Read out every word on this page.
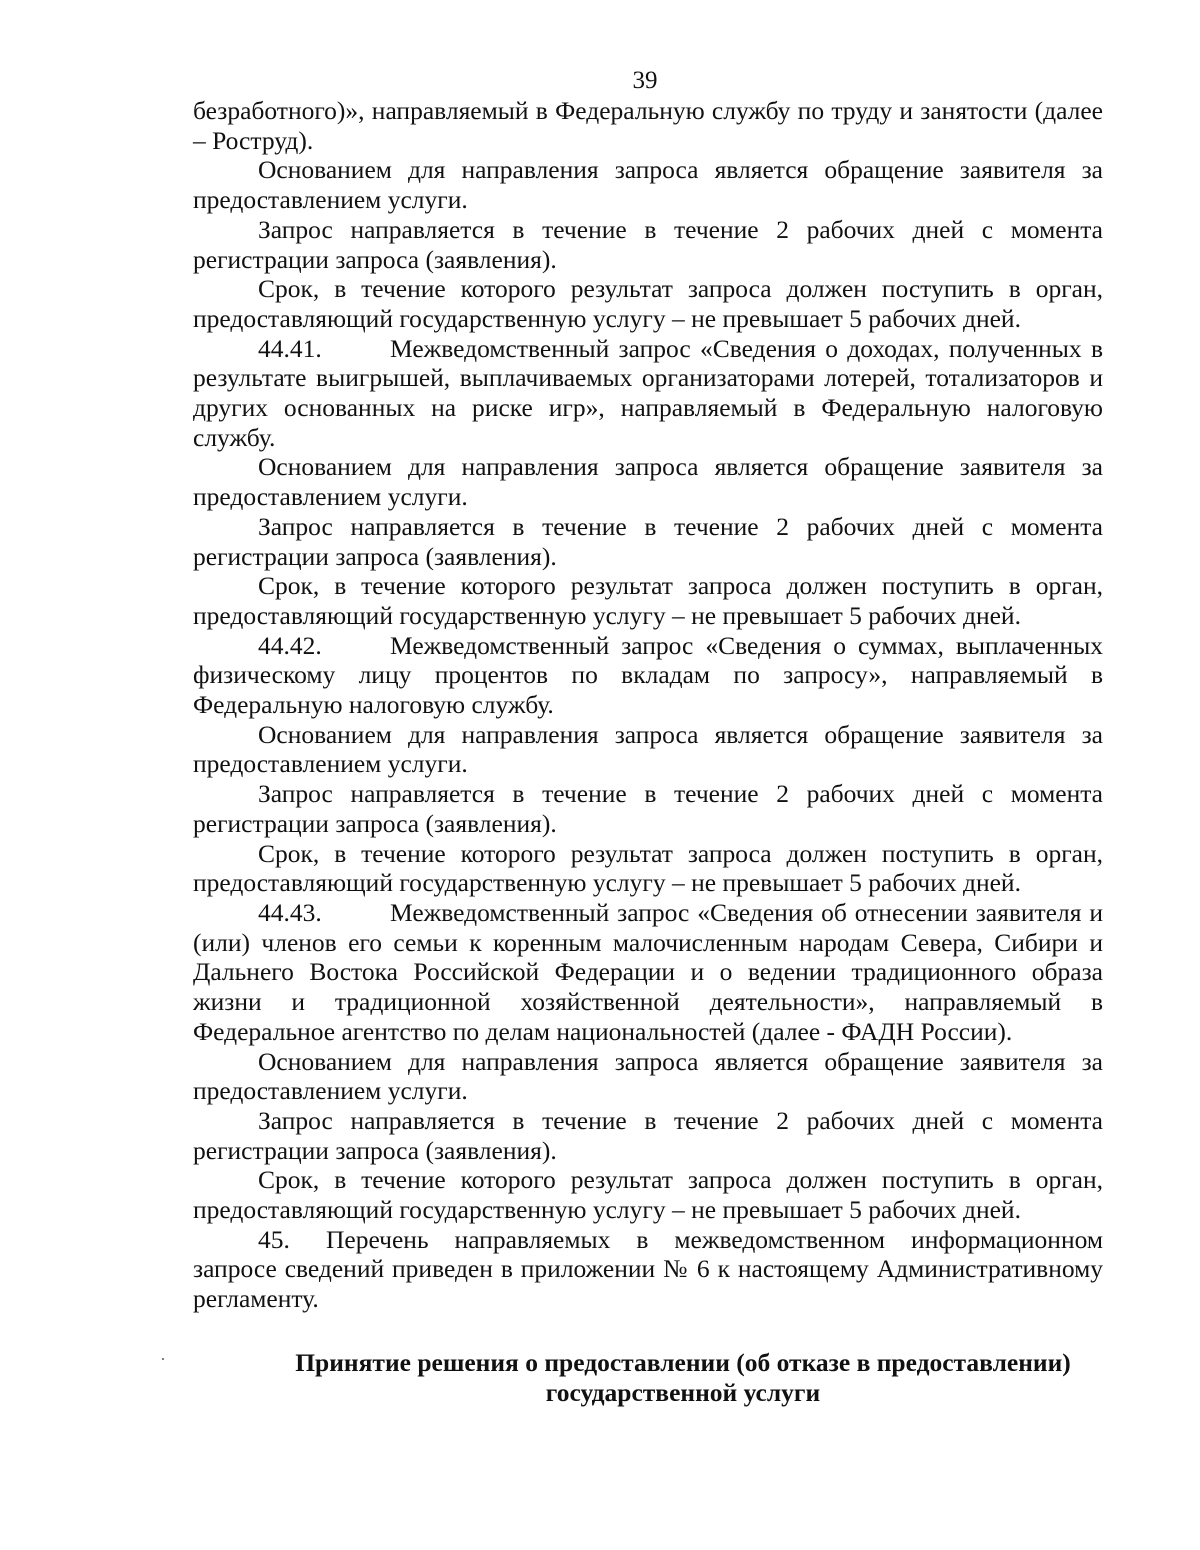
39

безработного)», направляемый в Федеральную службу по труду и занятости (далее – Роструд).

Основанием для направления запроса является обращение заявителя за предоставлением услуги.

Запрос направляется в течение в течение 2 рабочих дней с момента регистрации запроса (заявления).

Срок, в течение которого результат запроса должен поступить в орган, предоставляющий государственную услугу – не превышает 5 рабочих дней.

44.41.	Межведомственный запрос «Сведения о доходах, полученных в результате выигрышей, выплачиваемых организаторами лотерей, тотализаторов и других основанных на риске игр», направляемый в Федеральную налоговую службу.

Основанием для направления запроса является обращение заявителя за предоставлением услуги.

Запрос направляется в течение в течение 2 рабочих дней с момента регистрации запроса (заявления).

Срок, в течение которого результат запроса должен поступить в орган, предоставляющий государственную услугу – не превышает 5 рабочих дней.

44.42.	Межведомственный запрос «Сведения о суммах, выплаченных физическому лицу процентов по вкладам по запросу», направляемый в Федеральную налоговую службу.

Основанием для направления запроса является обращение заявителя за предоставлением услуги.

Запрос направляется в течение в течение 2 рабочих дней с момента регистрации запроса (заявления).

Срок, в течение которого результат запроса должен поступить в орган, предоставляющий государственную услугу – не превышает 5 рабочих дней.

44.43.	Межведомственный запрос «Сведения об отнесении заявителя и (или) членов его семьи к коренным малочисленным народам Севера, Сибири и Дальнего Востока Российской Федерации и о ведении традиционного образа жизни и традиционной хозяйственной деятельности», направляемый в Федеральное агентство по делам национальностей (далее - ФАДН России).

Основанием для направления запроса является обращение заявителя за предоставлением услуги.

Запрос направляется в течение в течение 2 рабочих дней с момента регистрации запроса (заявления).

Срок, в течение которого результат запроса должен поступить в орган, предоставляющий государственную услугу – не превышает 5 рабочих дней.

45. Перечень направляемых в межведомственном информационном запросе сведений приведен в приложении № 6 к настоящему Административному регламенту.

Принятие решения о предоставлении (об отказе в предоставлении)
государственной услуги
